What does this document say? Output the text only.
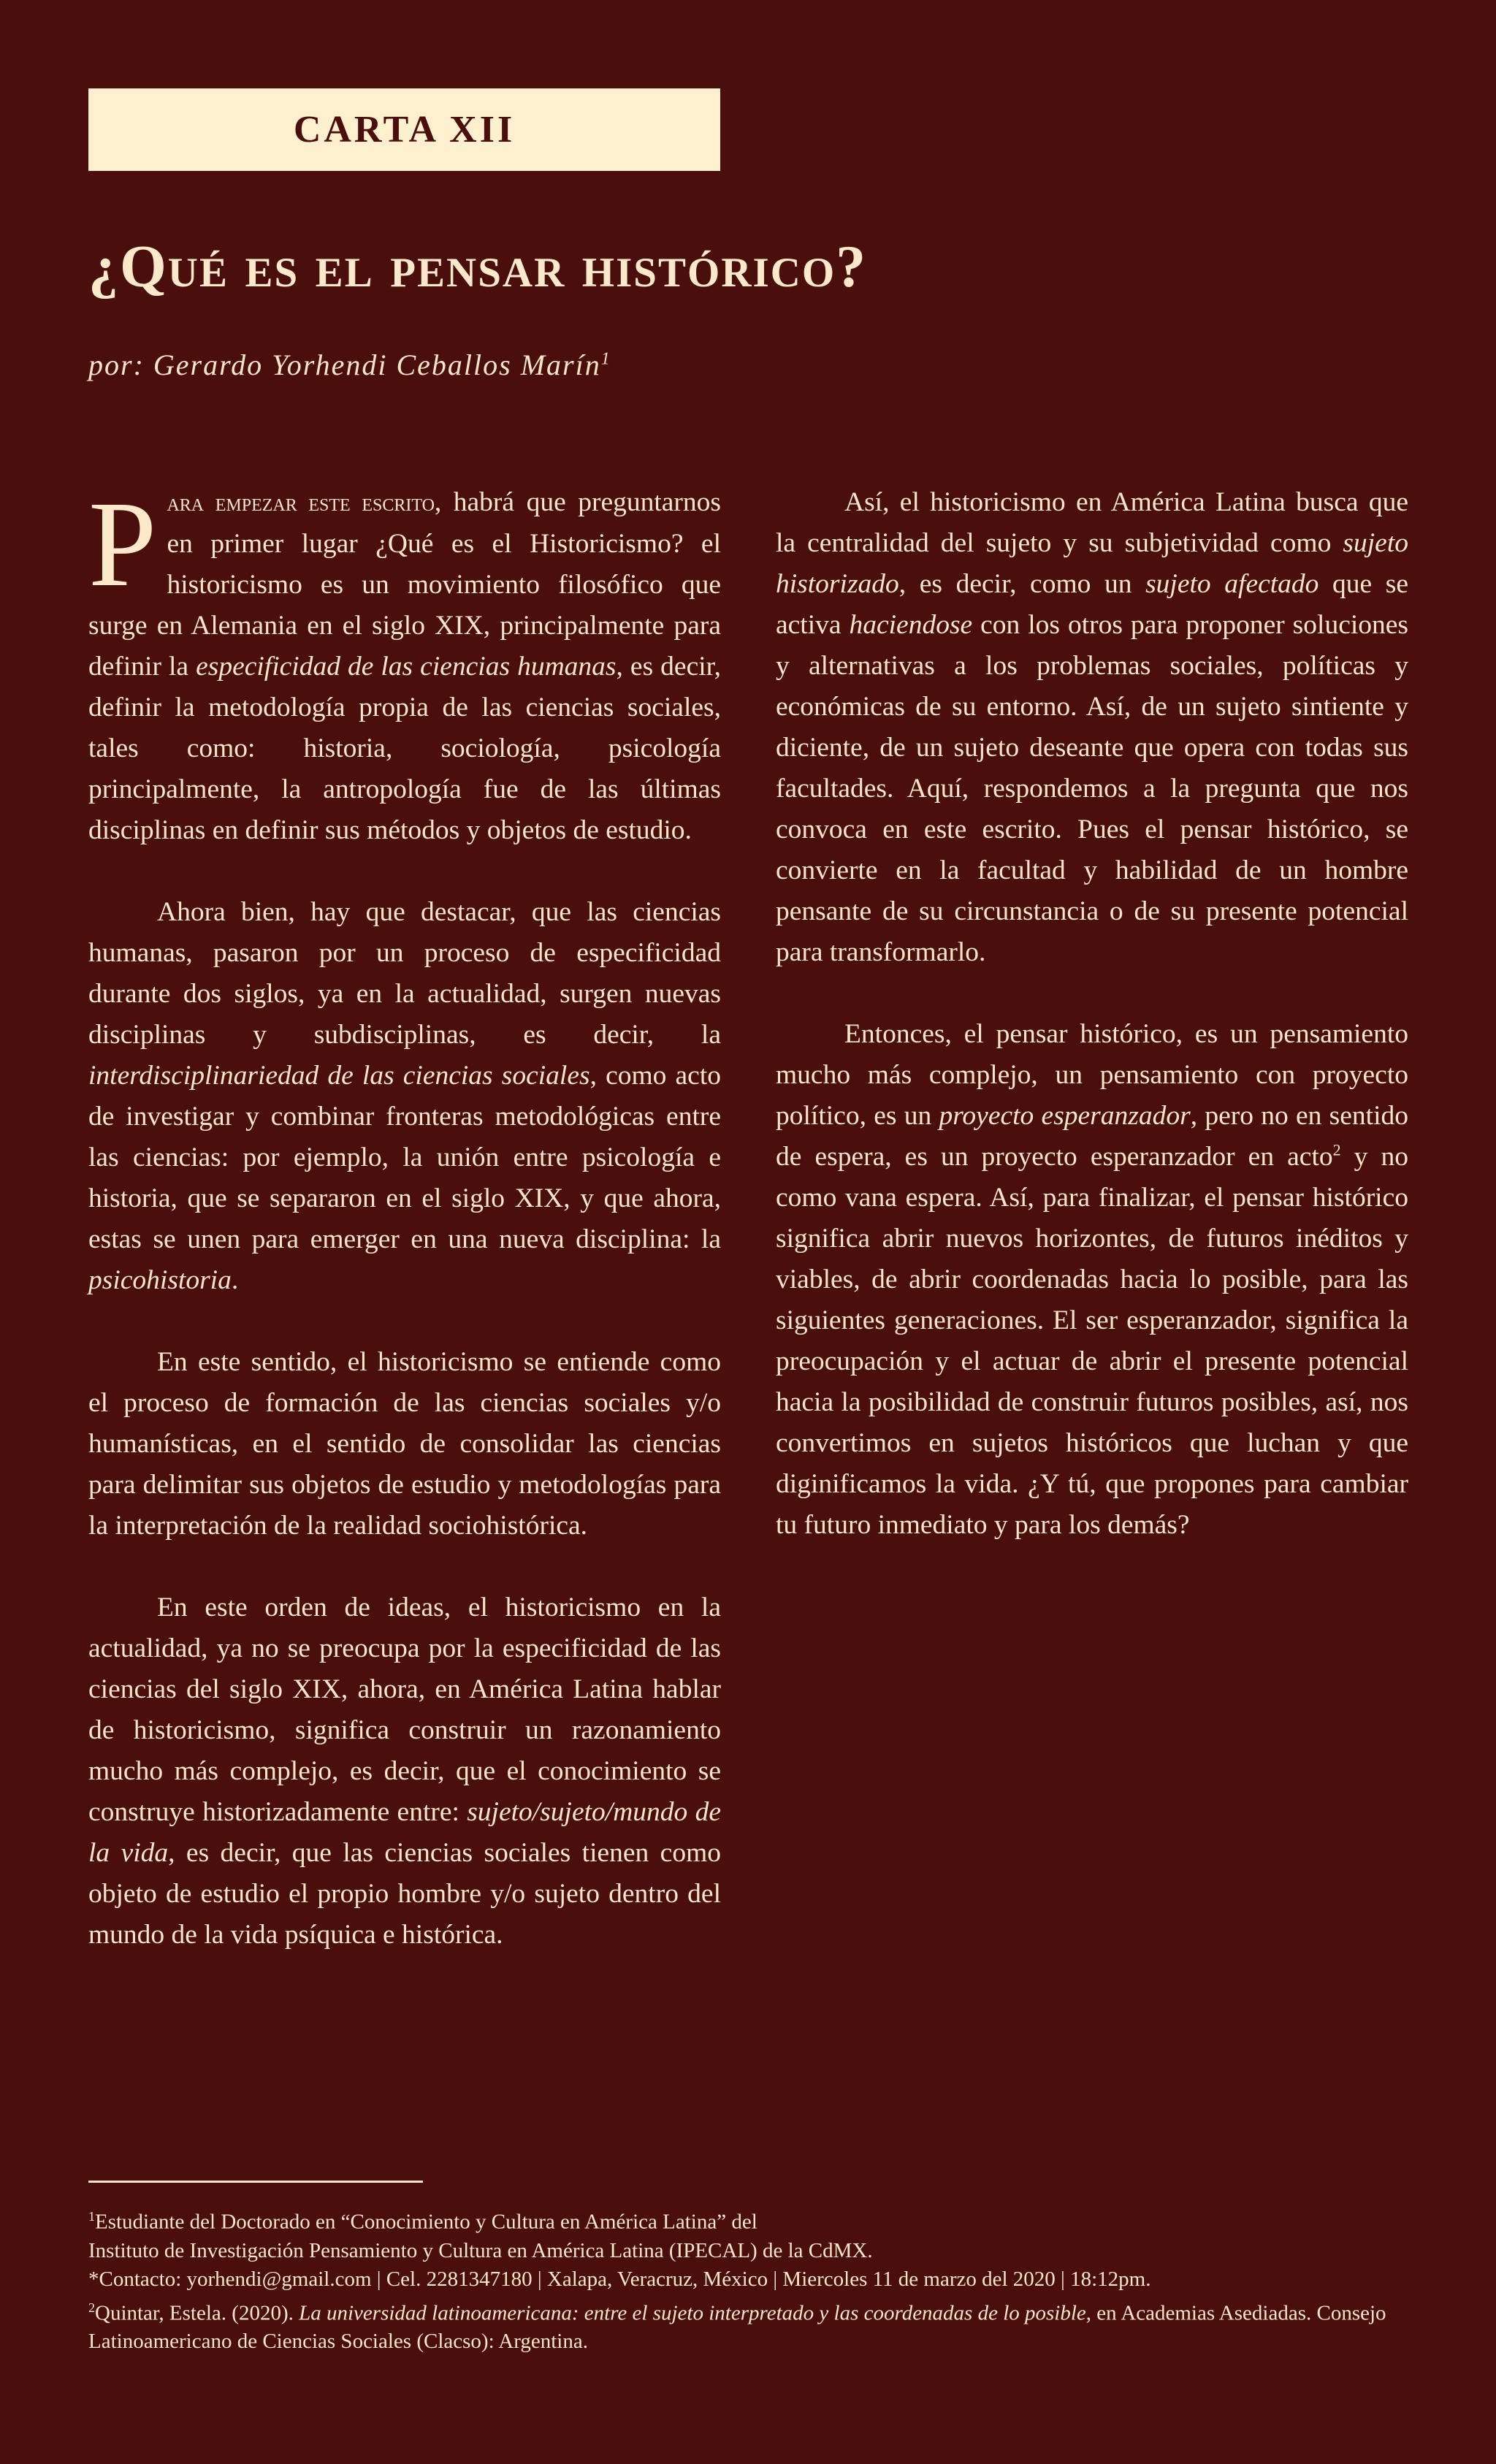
CARTA XII
¿Qué es el pensar histórico?
por: Gerardo Yorhendi Ceballos Marín$^1$

Para empezar este escrito, habrá que preguntarnos en primer lugar ¿Qué es el Historicismo? el historicismo es un movimiento filosófico que surge en Alemania en el siglo XIX, principalmente para definir la especificidad de las ciencias humanas, es decir, definir la metodología propia de las ciencias sociales, tales como: historia, sociología, psicología principalmente, la antropología fue de las últimas disciplinas en definir sus métodos y objetos de estudio.

Ahora bien, hay que destacar, que las ciencias humanas, pasaron por un proceso de especificidad durante dos siglos, ya en la actualidad, surgen nuevas disciplinas y subdisciplinas, es decir, la interdisciplinariedad de las ciencias sociales, como acto de investigar y combinar fronteras metodológicas entre las ciencias: por ejemplo, la unión entre psicología e historia, que se separaron en el siglo XIX, y que ahora, estas se unen para emerger en una nueva disciplina: la psicohistoria.

En este sentido, el historicismo se entiende como el proceso de formación de las ciencias sociales y/o humanísticas, en el sentido de consolidar las ciencias para delimitar sus objetos de estudio y metodologías para la interpretación de la realidad sociohistórica.

En este orden de ideas, el historicismo en la actualidad, ya no se preocupa por la especificidad de las ciencias del siglo XIX, ahora, en América Latina hablar de historicismo, significa construir un razonamiento mucho más complejo, es decir, que el conocimiento se construye historizadamente entre: sujeto/sujeto/mundo de la vida, es decir, que las ciencias sociales tienen como objeto de estudio el propio hombre y/o sujeto dentro del mundo de la vida psíquica e histórica.

Así, el historicismo en América Latina busca que la centralidad del sujeto y su subjetividad como sujeto historizado, es decir, como un sujeto afectado que se activa haciendose con los otros para proponer soluciones y alternativas a los problemas sociales, políticas y económicas de su entorno. Así, de un sujeto sintiente y diciente, de un sujeto deseante que opera con todas sus facultades. Aquí, respondemos a la pregunta que nos convoca en este escrito. Pues el pensar histórico, se convierte en la facultad y habilidad de un hombre pensante de su circunstancia o de su presente potencial para transformarlo.

Entonces, el pensar histórico, es un pensamiento mucho más complejo, un pensamiento con proyecto político, es un proyecto esperanzador, pero no en sentido de espera, es un proyecto esperanzador en acto$^2$ y no como vana espera. Así, para finalizar, el pensar histórico significa abrir nuevos horizontes, de futuros inéditos y viables, de abrir coordenadas hacia lo posible, para las siguientes generaciones. El ser esperanzador, significa la preocupación y el actuar de abrir el presente potencial hacia la posibilidad de construir futuros posibles, así, nos convertimos en sujetos históricos que luchan y que diginificamos la vida. ¿Y tú, que propones para cambiar tu futuro inmediato y para los demás?

$^1$Estudiante del Doctorado en “Conocimiento y Cultura en América Latina” del

Instituto de Investigación Pensamiento y Cultura en América Latina (IPECAL) de la CdMX.

*Contacto: yorhendi@gmail.com | Cel. 2281347180 | Xalapa, Veracruz, México | Miercoles 11 de marzo del 2020 | 18:12pm.

$^2$Quintar, Estela. (2020). La universidad latinoamericana: entre el sujeto interpretado y las coordenadas de lo posible, en Academias Asediadas. Consejo Latinoamericano de Ciencias Sociales (Clacso): Argentina.
